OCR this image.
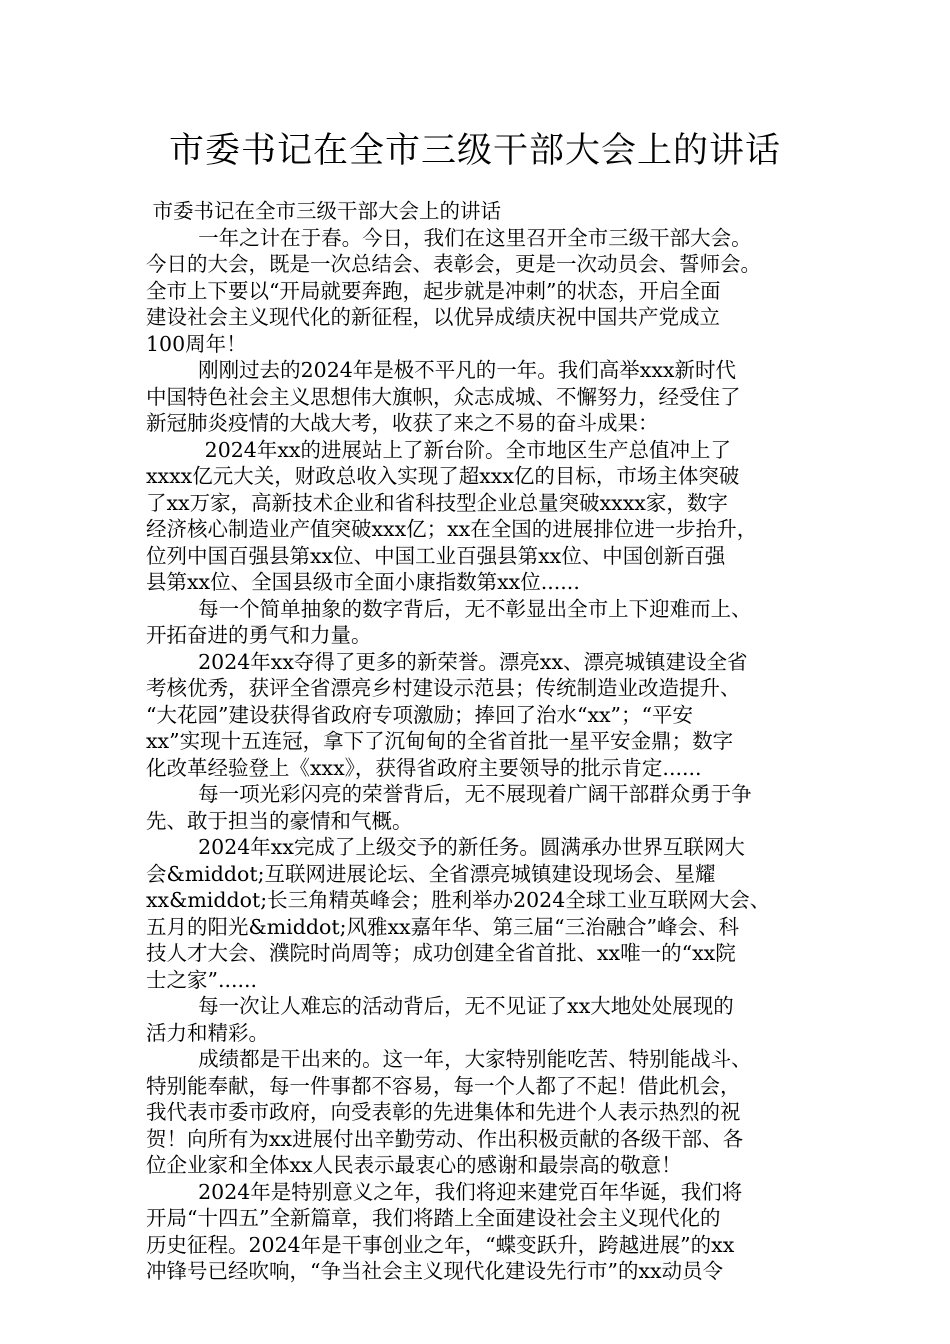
市委书记在全市三级干部大会上的讲话
市委书记在全市三级干部大会上的讲话
一年之计在于春。今日，我们在这里召开全市三级干部大会。
今日的大会，既是一次总结会、表彰会，更是一次动员会、誓师会。
全市上下要以“开局就要奔跑，起步就是冲刺”的状态，开启全面
建设社会主义现代化的新征程，以优异成绩庆祝中国共产党成立
100周年！
刚刚过去的2024年是极不平凡的一年。我们高举xxx新时代
中国特色社会主义思想伟大旗帜，众志成城、不懈努力，经受住了
新冠肺炎疫情的大战大考，收获了来之不易的奋斗成果：
2024年xx的进展站上了新台阶。全市地区生产总值冲上了
xxxx亿元大关，财政总收入实现了超xxx亿的目标，市场主体突破
了xx万家，高新技术企业和省科技型企业总量突破xxxx家，数字
经济核心制造业产值突破xxx亿；xx在全国的进展排位进一步抬升，
位列中国百强县第xx位、中国工业百强县第xx位、中国创新百强
县第xx位、全国县级市全面小康指数第xx位......
每一个简单抽象的数字背后，无不彰显出全市上下迎难而上、
开拓奋进的勇气和力量。
2024年xx夺得了更多的新荣誉。漂亮xx、漂亮城镇建设全省
考核优秀，获评全省漂亮乡村建设示范县；传统制造业改造提升、
“大花园”建设获得省政府专项激励；捧回了治水“xx”；“平安
xx”实现十五连冠，拿下了沉甸甸的全省首批一星平安金鼎；数字
化改革经验登上《xxx》，获得省政府主要领导的批示肯定......
每一项光彩闪亮的荣誉背后，无不展现着广阔干部群众勇于争
先、敢于担当的豪情和气概。
2024年xx完成了上级交予的新任务。圆满承办世界互联网大
会&middot;互联网进展论坛、全省漂亮城镇建设现场会、星耀
xx&middot;长三角精英峰会；胜利举办2024全球工业互联网大会、
五月的阳光&middot;风雅xx嘉年华、第三届“三治融合”峰会、科
技人才大会、濮院时尚周等；成功创建全省首批、xx唯一的“xx院
士之家”......
每一次让人难忘的活动背后，无不见证了xx大地处处展现的
活力和精彩。
成绩都是干出来的。这一年，大家特别能吃苦、特别能战斗、
特别能奉献，每一件事都不容易，每一个人都了不起！借此机会，
我代表市委市政府，向受表彰的先进集体和先进个人表示热烈的祝
贺！向所有为xx进展付出辛勤劳动、作出积极贡献的各级干部、各
位企业家和全体xx人民表示最衷心的感谢和最崇高的敬意！
2024年是特别意义之年，我们将迎来建党百年华诞，我们将
开局“十四五”全新篇章，我们将踏上全面建设社会主义现代化的
历史征程。2024年是干事创业之年，“蝶变跃升，跨越进展”的xx
冲锋号已经吹响，“争当社会主义现代化建设先行市”的xx动员令
